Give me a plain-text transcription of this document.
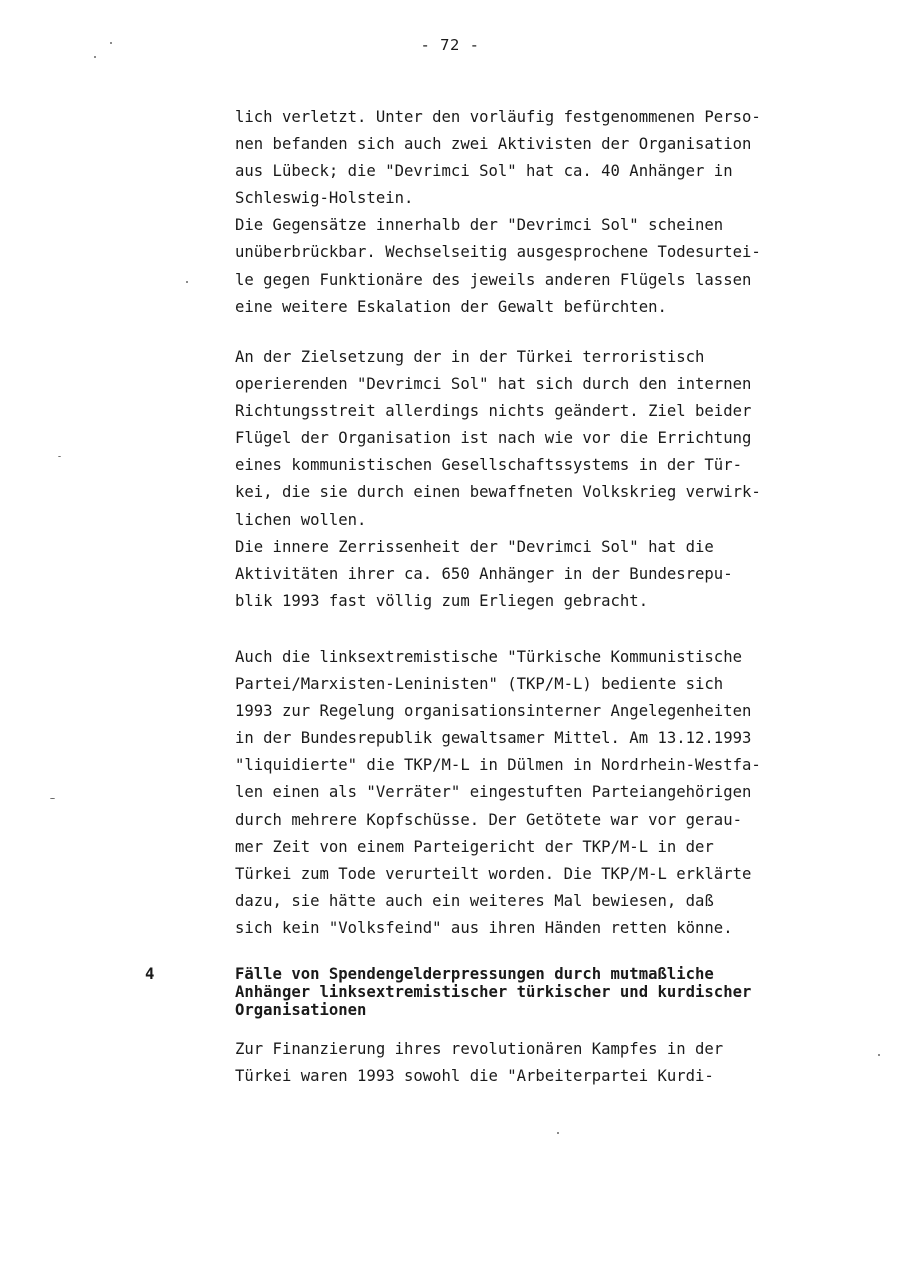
- 72 -
lich verletzt. Unter den vorläufig festgenommenen Perso-
nen befanden sich auch zwei Aktivisten der Organisation
aus Lübeck; die "Devrimci Sol" hat ca. 40 Anhänger in
Schleswig-Holstein.
Die Gegensätze innerhalb der "Devrimci Sol" scheinen
unüberbrückbar. Wechselseitig ausgesprochene Todesurtei-
le gegen Funktionäre des jeweils anderen Flügels lassen
eine weitere Eskalation der Gewalt befürchten.
An der Zielsetzung der in der Türkei terroristisch
operierenden "Devrimci Sol" hat sich durch den internen
Richtungsstreit allerdings nichts geändert. Ziel beider
Flügel der Organisation ist nach wie vor die Errichtung
eines kommunistischen Gesellschaftssystems in der Tür-
kei, die sie durch einen bewaffneten Volkskrieg verwirk-
lichen wollen.
Die innere Zerrissenheit der "Devrimci Sol" hat die
Aktivitäten ihrer ca. 650 Anhänger in der Bundesrepu-
blik 1993 fast völlig zum Erliegen gebracht.
Auch die linksextremistische "Türkische Kommunistische
Partei/Marxisten-Leninisten" (TKP/M-L) bediente sich
1993 zur Regelung organisationsinterner Angelegenheiten
in der Bundesrepublik gewaltsamer Mittel. Am 13.12.1993
"liquidierte" die TKP/M-L in Dülmen in Nordrhein-Westfa-
len einen als "Verräter" eingestuften Parteiangehörigen
durch mehrere Kopfschüsse. Der Getötete war vor gerau-
mer Zeit von einem Parteigericht der TKP/M-L in der
Türkei zum Tode verurteilt worden. Die TKP/M-L erklärte
dazu, sie hätte auch ein weiteres Mal bewiesen, daß
sich kein "Volksfeind" aus ihren Händen retten könne.
4	Fälle von Spendengelderpressungen durch mutmaßliche
Anhänger linksextremistischer türkischer und kurdischer
Organisationen
Zur Finanzierung ihres revolutionären Kampfes in der
Türkei waren 1993 sowohl die "Arbeiterpartei Kurdi-
